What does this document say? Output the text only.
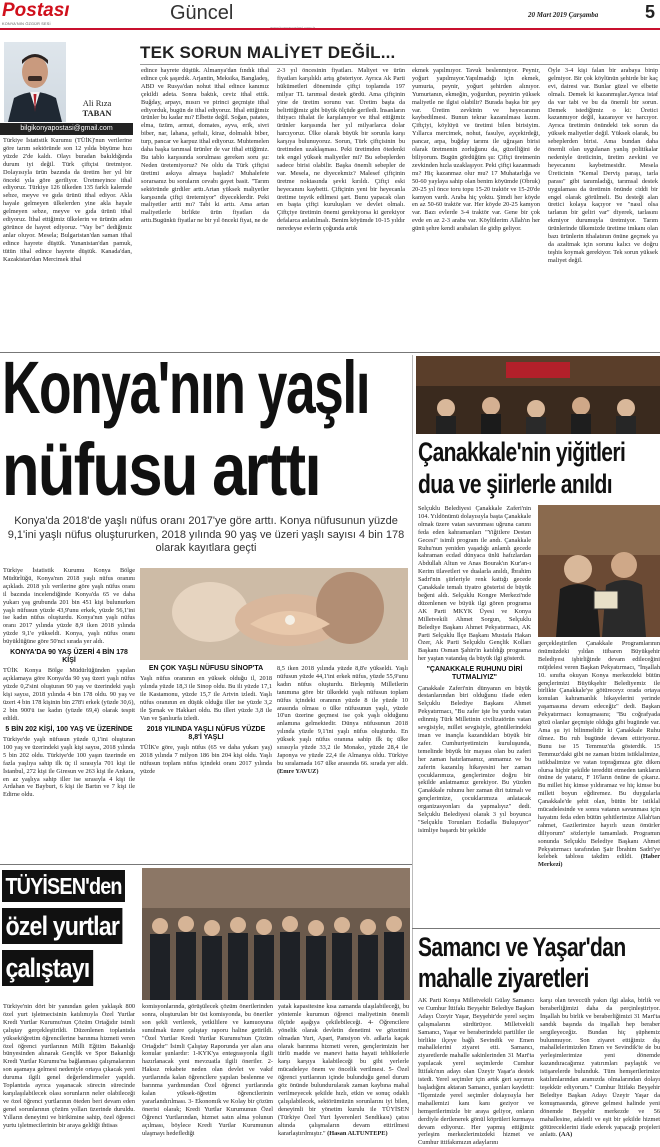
Postası
KONYA'NIN ÖZGÜR SESİ	Güncel	20 Mart 2019 Çarşamba	5
Ali Rıza
TABAN
bilgikonyapostasi@gmail.com
TEK SORUN MALİYET DEĞİL...
Türkiye İstatistik Kurumu (TÜİK)'nun verilerine göre tarım sektöründe son 12 yılda büyüme hızı yüzde 2'de kaldı. Olayı buradan bakıldığında durum iyi değil. Türk çiftçisi üretmiyor. Dolayısıyla ürün bazında da üretim her yıl bir önceki yıla göre geriliyor. Üretmeyince ithal ediyoruz. Türkiye 126 ülkeden 135 farklı kalemde sebze, meyve ve gıda ürünü ithal ediyor. Akla hayale gelmeyen ülkelerden yine akla hayale gelmeyen sebze, meyve ve gıda ürünü ithal ediyoruz. İthal ettiğimiz ülkelerin ve ürünün adını görünce de hayret ediyoruz. "Vay be" dediğimiz anlar oluyor. Mesela; Bulgaristan'dan saman ithal edince hayrete düştük. Yunanistan'dan pamuk, tütün ithal edince hayrete düştük. Kanada'dan, Kazakistan'dan Mercimek ithal
edince hayrete düştük. Almanya'dan fındık ithal edince çok şaşırdık. Arjantin, Meksika, Bangladeş, ABD ve Rusya'dan nohut ithal edince kanımız çekildi adeta. Sonra baktık, ceviz ithal ettik. Buğday, arpayı, mısırı ve pirinci geçmişte ithal ediyorduk, bugün de ithal ediyoruz. İthal ettiğimiz ürünler bu kadar mı? Elbette değil. Soğan, patates, elma, üzüm, armut, domates, ayva, erik, sivri biber, nar, lahana, şeftali, kiraz, dolmalık biber, turp, pancar ve karpuz ithal ediyoruz. Muhtemelen daha başka tarımsal ürünler de var ithal ettiğimiz. Bu tablo karşısında sorulması gereken soru şu: Neden üretemiyoruz? Ne oldu da Türk çiftçisi üretimi askıya almaya başladı? Muhalefete sorarsanız bu soruların cevabı gayet basit. "Tarım sektöründe girdiler arttı.Artan yüksek maliyetler karşısında çiftçi üretemiyor" diyeceklerdir. Peki maliyetler artti mı? Tabi ki arttı. Ama artan maliyetlerle birlikte ürün fiyatları da arttı.Bugünkü fiyatlar ne bir yıl önceki fiyat, ne de
2-3 yıl öncesinin fiyatları. Maliyet ve ürün fiyatları karşılıklı artış gösteriyor. Ayrıca Ak Parti hükümetleri döneminde çiftçi toplamda 197 milyar TL tarımsal destek gördü. Ama çiftçinin yine de üretim sorunu var. Üretim başta da belirttiğimiz gibi büyük ölçüde geriledi. İnsanların ihtiyacı ithalat ile karşılanıyor ve ithal ettiğimiz ürünler karşısında her yıl milyarlarca dolar harcıyoruz. Ülke olarak büyük bir sorunla karşı karşıya bulunuyoruz. Sorun, Türk çiftçisinin bu üretimden uzaklaşması. Peki üretimden ötedenki tek engel yüksek maliyetler mi? Bu sebeplerden sadece birisi olabilir. Başka önemli sebepler de var. Mesela, ne diyecekmiz? Malesef çiftçinin üretme noktasında şevki kırıldı. Çiftçi eski heyecanını kaybetti. Çiftçinin yeni bir heyecanla üretime teşvik edilmesi şart. Bunu yapacak olan en başta çiftçi kuruluşları ve devlet olmalı. Çiftçiye üretimin önemi gerekiyorsa ki gerekiyor defalarca anlatılmalı. Benim köyümde 10-15 yıldır neredeyse evlerin çoğunda artık
ekmek yapılmıyor. Tavuk beslenmiyor. Peynir, yoğurt yapılmıyor.Yapılmadığı için ekmek, yumurta, peynir, yoğurt şehirden alınıyor. Yumurtanın, ekmeğin, yoğurdun, peynirin yüksek maliyetle ne ilgisi olabilir? Burada başka bir şey var. Üretim zevkinin ve heyecanının kaybedilmesi. Bunun tekrar kazanılması lazım. Çiftçiyi, köylüyü ve üretimi bilen birisiyim. Yıllarca mercimek, nohut, fasulye, ayçekirdeği, pancar, arpa, buğday tarımı ile uğraşan birisi olarak üretmenin zorluğunu da, güzelliğini de biliyorum. Bugün gördüğüm şu: Çiftçi üretmenin zevkinden hızla uzaklaşıyor. Peki çiftçi kazanmadı mı? Hiç kazanmaz olur mu? 17 Muhatarlığa ve 50-60 yaylaya sahip olan benim köyümde (Obruk) 20-25 yıl önce toru topu 15-20 traktör ve 15-20'de kamyon vardı. Araba hiç yoktu. Şimdi her köyde en az 50-60 traktör var. Her köyde 20-25 kamyon var. Bazı evlerde 3-4 traktör var. Gene bir çok evde en az 2-3 araba var. Köylülerim Allah'ın her günü şehre kendi arabaları ile gidip geliyor.
Öyle 3-4 kişi falan bir arabaya binip gelmiyor. Bir çok köylünün şehirde bir kaç evi, dairesi var. Bunlar güzel ve elbette olmalı. Demek ki kazanmışlar.Ayrıca istaf da var tabi ve bu da önemli bir sorun. Demek istediğimiz o ki: Üretici kazanmıyor değil, kazanıyor ve harcıyor. Ayrıca üretimin önündeki tek sorun da yüksek maliyetler değil. Yüksek olarak, bu sebeplerden birisi. Ama bundan daha önemli olan uygulanan yanlış politikalar nedeniyle üreticinin, üretim zevkini ve heyecanını kaybetmesidir. Mesela Üreticinin "Kemal Derviş paraşı, tarla parası" gibi tanımladığı, tarımsal destek uygulaması da üretimin önünde ciddi bir engel olarak görülmeli. Bu desteği alan üretici kolaya kaçıyor ve "nasıl olsa tarlanın bir geliri var" diyerek, tarlasını ekmiyor durumuyla üretmiyor. Tarım ürünlerinde ülkemizde üretime imkanı olan bazı ürünlerin ithalatının önüne geçmek ya da azaltmak için sorunu kalıcı ve doğru teşhis koymak gerekiyor. Tek sorun yüksek maliyet değil.
Konya'nın yaşlı
nüfusu arttı
Konya'da 2018'de yaşlı nüfus oranı 2017'ye göre arttı. Konya nüfusunun yüzde 9,1'ini yaşlı nüfus oluştururken, 2018 yılında 90 yaş ve üzeri yaşlı sayısı 4 bin 178 olarak kayıtlara geçti
Türkiye İstatistik Kurumu Konya Bölge Müdürlüğü, Konya'nın 2018 yaşlı nüfus oranını açıkladı. 2018 yılı verilerine göre yaşlı nüfus oranı il bazında incelendiğinde Konya'da 65 ve daha yukarı yaş grubunda 201 bin 451 kişi bulunurken yaşlı nüfusun yüzde 43,9'unu erkek, yüzde 56,1'ini ise kadın nüfus oluşturdu. Konya'nın yaşlı nüfus oranı 2017 yılında yüzde 8,9 iken 2018 yılında yüzde 9,1'e yükseldi. Konya, yaşlı nüfus oranı büyüklüğüne göre 50'nci sırada yer aldı.
KONYA'DA 90 YAŞ ÜZERİ 4 BİN 178 KİŞİ
TÜİK Konya Bölge Müdürlüğünden yapılan açıklamaya göre Konya'da 90 yaş üzeri yaşlı nüfus yüzde 0,2'sini oluşturan 90 yaş ve üzerindeki yaşlı kişi sayısı, 2018 yılında 4 bin 178 oldu. 90 yaş ve üzeri 4 bin 178 kişinin bin 278'i erkek (yüzde 30,6), 2 bin 900'ü ise kadın (yüzde 69,4) olarak tespit edildi.
5 BİN 202 KİŞİ, 100 YAŞ VE ÜZERİNDE
Türkiye'de yaşlı nüfusun yüzde 0,1'ini oluşturan 100 yaş ve üzerindeki yaşlı kişi sayısı, 2018 yılında 5 bin 202 oldu. Türkiye'de 100 yaşın üzerinde en fazla yaşlıya sahip ilk üç il sırasıyla 701 kişi ile İstanbul, 272 kişi ile Giresun ve 263 kişi ile Ankara, en az yaşlıya sahip iller ise sırasıyla 4 kişi ile Ardahan ve Bayburt, 6 kişi ile Bartın ve 7 kişi ile Edirne oldu.
EN ÇOK YAŞLI NÜFUSU SİNOP'TA
Yaşlı nüfus oranının en yüksek olduğu il, 2018 yılında yüzde 18,3 ile Sinop oldu. Bu ili yüzde 17,1 ile Kastamonu, yüzde 15,7 ile Artvin izledi. Yaşlı nüfus oranının en düşük olduğu iller ise yüzde 3,2 ile Şırnak ve Hakkari oldu. Bu illeri yüzde 3,8 ile Van ve Şanlıurfa izledi.
2018 YILINDA YAŞLI NÜFUS YÜZDE 8,8'İ YAŞLI
TÜİK'e göre, yaşlı nüfus (65 ve daha yukarı yaş) 2018 yılında 7 milyon 186 bin 204 kişi oldu. Yaşlı nüfusun toplam nüfus içindeki oranı 2017 yılında yüzde
8,5 iken 2018 yılında yüzde 8,8'e yükseldi. Yaşlı nüfusun yüzde 44,1'ini erkek nüfus, yüzde 55,9'unu kadın nüfus oluşturdu. Birleşmiş Milletlerin tanımına göre bir ülkedeki yaşlı nüfusun toplam nüfus içindeki oranının yüzde 8 ile yüzde 10 arasında olması o ülke nüfusunun yaşlı, yüzde 10'un üzerine geçmesi ise çok yaşlı olduğunu anlamına gelmektedir. Dünya nüfusunun 2018 yılında yüzde 9,1'ini yaşlı nüfus oluşturdu. En yüksek yaşlı nüfus oranına sahip ilk üç ülke sırasıyla yüzde 33,2 ile Monako, yüzde 28,4 ile Japonya ve yüzde 22,4 ile Almanya oldu. Türkiye bu sıralamada 167 ülke arasında 66. sırada yer aldı. (Emre YAVUZ)
Çanakkale'nin yiğitleri
dua ve şiirlerle anıldı
Selçuklu Belediyesi Çanakkale Zaferi'nin 104. Yıldönümü dolayısıyla başta Çanakkale olmak üzere vatan savunması uğruna canını feda eden kahramanları "Yiğitlere Destan Gecesi" isimli program ile andı. Çanakkale Ruhu'nun yeniden yaşadığı anlamlı gecede kahraman ecdad dünyaca ünlü hafızlardan Abdullah Altun ve Anas Bourak'ın Kur'an-ı Kerim tilavetleri ve dualarla anıldı, İbrahim Sadri'nin şiirleriyle renk kattığı gecede Çanakkale temalı tiyatro gösterisi de büyük beğeni aldı. Selçuklu Kongre Merkezi'nde düzenlenen ve büyük ilgi gören programa AK Parti MKYK Üyesi ve Konya Milletvekili Ahmet Sorgun, Selçuklu Belediye Başkanı Ahmet Pekyatırmacı, AK Parti Selçuklu İlçe Başkanı Mustafa Hakan Özer, Ak Parti Selçuklu Gençlik Kolları Başkanı Osman Şahin'in katıldığı programa her yaştan vatandaş da büyük ilgi gösterdi.
"ÇANAKKALE RUHUNU DİRİ TUTMALIYIZ"
Çanakkale Zaferi'nin dünyanın en büyük destanlarından biri olduğunu ifade eden Selçuklu Belediye Başkanı Ahmet Pekyatırmacı, "Bu zafer işte bu yurdu vatan edinmiş Türk Milletinin civilizatörün vatan sevgisiyle, millet sevgisiyle, gönüllerindeki iman ve inançla kazandıkları büyük bir zafer. Cumhuriyetimizin kuruluşunda, temelinde büyük bir mayası olan bu zaferi her zaman hatırlamamız, anmamız ve bu zaferin kazanılış hikayesini her zaman çocuklarımıza, gençlerimize doğru bir şekilde anlatmamız gerekiyor. Bu yüzden Çanakkale ruhunu her zaman diri tutmalı ve gençlerimize, çocuklarımıza anlatacak organizasyonları da yapmalıyız" dedi. Selçuklu Belediyesi olarak 3 yıl boyunca "Selçuklu Torunları Ecdadla Buluşuyor" isimliye başardı bir şekilde
gerçekleştirilen Çanakkale Programlarının önümüzdeki yıldan itibaren Büyükşehir Belediyesi işbirliğinde devam edileceğini müjdelesi veren Başkan Pekyatırmacı, "İnşallah 10. sınıfta okuyan Konya merkezdeki bütün gençlerimizi Büyükşehir Belediyemiz ile birlikte Çanakkale'ye götüreceyz orada ortaya konulan kahramanlık hikayelerini yerinde yaşamasına devam edeceğiz" dedi. Başkan Pekyatırmacı konuşmasını; "Bu coğrafyada gözü olanlar geçmişte olduğu gibi bugünde var. Ama şu iyi bilinmelidir ki Çanakkale Ruhu ölmez. Bu ruh bugünde devam ettiriyoruz. Bunu ise 15 Temmuz'da gösterdik. 15 Temmuz'daki gibi ne zaman bizim istiklalimize, istikbalimize ve vatan toprağımıza göz diken olursa hiçbir şekilde tereddüt etmeden tankların önüne de yatarız, F 16'ların önüne de çıkarız. Bu millet hiç kimse yıldıramaz ve hiç kimse bu milleti boyun eğdiremez. Bu duygularla Çanakkale'de şehit olan, bütün bir istiklal mücadelesinde ve sonra vatanın savunması için hayatını feda eden bütün şehitlerimize Allah'tan rahmet, Gazilerimize hayırlı uzun ömürler diliyorum" sözleriyle tamamladı. Programın sonunda Selçuklu Belediye Başkanı Ahmet Pekyatırmacı tarafından Şair İbrahim Sadri'ye kelebek tablosu takdim edildi. (Haber Merkezi)
Samancı ve Yaşar'dan
mahalle ziyaretleri
AK Parti Konya Milletvekili Gülay Samancı ve Cumhur İttifakı Beyşehir Belediye Başkan Adayı Üzeyir Yaşar, Beyşehir'de yerel seçim çalışmalarını sürdürüyor. Milletvekili Samancı, Yaşar ve beraberindeki partililer ile birlikte ilçeye bağlı Sevindik ve Emen mahallelerini ziyaret etti. Samancı, ziyaretlerde mahalle sakinlerinden 31 Mart'ta yapılacak yerel seçimlerde Cumhur İttifakı'nın adayı olan Üzeyir Yaşar'a destek istedi. Yerel seçimler için artık geri sayımın başladığını aktaran Samancı, şunları kaydetti: "İlçemizde yerel seçimler dolayısıyla her mahallemizi kanı kanı geziyor ve hemşerilerimizle bir araya geliyor, onların derdiyle dertlenerek gönül köprüleri kurmaya devam ediyoruz. Her yapmış ettiğimiz yerleşim merkezlerimizdeki hizmet ve Cumhur ittifakımızın adaylarını
karşı olan teveccüh yakın ilgi alaka, birlik ve beraberliğimizi daha da perçinleştiriyor. İnşallah bu birlik ve beraberliğimizi 31 Mart'ta sandık başında da inşallah hep beraber sergileyeceğiz. Bundan hiç şüphemiz bulunmuyor. Son ziyaret ettiğimiz dış mahallelerimizden Emen ve Sevindik'te de bu yerleşimlerimize yeni dönemde kazandıracağımız yatırımları paylaştık ve istişarelerde bulunduk. Tüm hemşerilerimize katılımlarından aramızda olmalarından dolayı teşekkür ediyorum." Cumhur İttifakı Beyşehir Belediye Başkan Adayı Üzeyir Yaşar da konuşmasında, göreve gelmesi halinde yeni dönemde Beyşehir merkezde ve 56 mahallesine, adaletli ve eşit bir şekilde hizmet götüreceklerini ifade ederek yapacağı projeleri anlattı. (AA)
TÜYİSEN'den özel yurtlar çalıştayı
Türkiye'nin dört bir yanından gelen yaklaşık 800 özel yurt işletmecisinin katılımıyla Özel Yurtlar Kredi Yurtlar Kurumu'nun Çözüm Ortağıdır isimli çalıştay gerçekleştirildi. Düzenlenen toplantıda yükseköğretim öğrencilerine barınma hizmeti veren özel öğrenci yurtlarının Milli Eğitim Bakanlığı bünyesinden alınarak Gençlik ve Spor Bakanlığı Kredi Yurtlar Kurumu'na bağlanması çalışmalarının son aşamaya gelmesi nedeniyle ortaya çıkacak yeni duruma ilgili genel değerlendirmeler yapıldı. Toplantıda ayrıca yaşanacak sürecin sürecinde karşılaşılabilecek olası sorunların neler olabileceği ve özel öğrenci yurtlarının öteden beri devam eden genel sorunlarının çözüm yolları üzerinde duruldu. Yılların deneyimi ve birikimine sahip, özel öğrenci yurtu işletmecilerinin bir araya geldiği ihtisas
komisyonlarında, görüşülecek çözüm önerilerinden sonra, oluşturulan bir üst komisyonda, bu öneriler son şekli verilerek, yetkililere ve kamuoyuna sunulmak üzere çalıştay raporu haline getirildi. "Özel Yurtlar Kredi Yurtlar Kurumu'nun Çözüm Ortağıdır" İsimli Çalıştay Raporunda yer alan ana konular şunlardır: 1-KYK'ya entegrasyonla ilgili hazırlanacak yeni mevzuatla ilgili öneriler. 2- Haksız rekabete neden olan devlet ve vakıf yurtlarında kalan öğrencilere yapılan beslenme ve barınma yardımından Özel öğrenci yurtlarında kalan yüksek-öğretim öğrencilerinin yararlandırılması. 3- Ekonomik ve Kolay bir çözüm önerisi olarak; Kredi Yurtlar Kurumunun Özel Öğrenci Yurtlarından, hizmet satın alma yolunun açılması, böylece Kredi Yurtlar Kurumunun ulaşmayı hedeflediği
yatak kapasitesine kısa zamanda ulaşılabileceği, bu yöntemle kurumun öğrenci maliyetinin önemli ölçüde aşağıya çekilebileceği. 4- Öğrencilere yönelik olarak devletin denetimi ve gözetimi olmadan Yurt, Apart, Pansiyon vb. adlarla kaçak olarak barınma hizmeti veren, gençlerimizin her türlü madde ve manevi hatta hayati tehlikelerle karşı karşıya kalabileceği bu gibi yerlerle mücadeleye önem ve öncelik verilmesi. 5- Özel öğrenci yurtlarının içinde bulunduğu genel durum göz önünde bulundurularak zaman kaybına mahal verilmeyecek şekilde hızlı, etkin ve sonuç odaklı çalışılabilecek, sektörümüzün sorunlarını iyi bilen, deneyimli bir yönetim kurulu ile TÜYİSEN (Türkiye Özel Yurt İşverenleri Sendikası) çatısı altında çalışmaların devam ettirilmesi kararlaştırılmıştır." (Hasan ALTUNTEPE)
